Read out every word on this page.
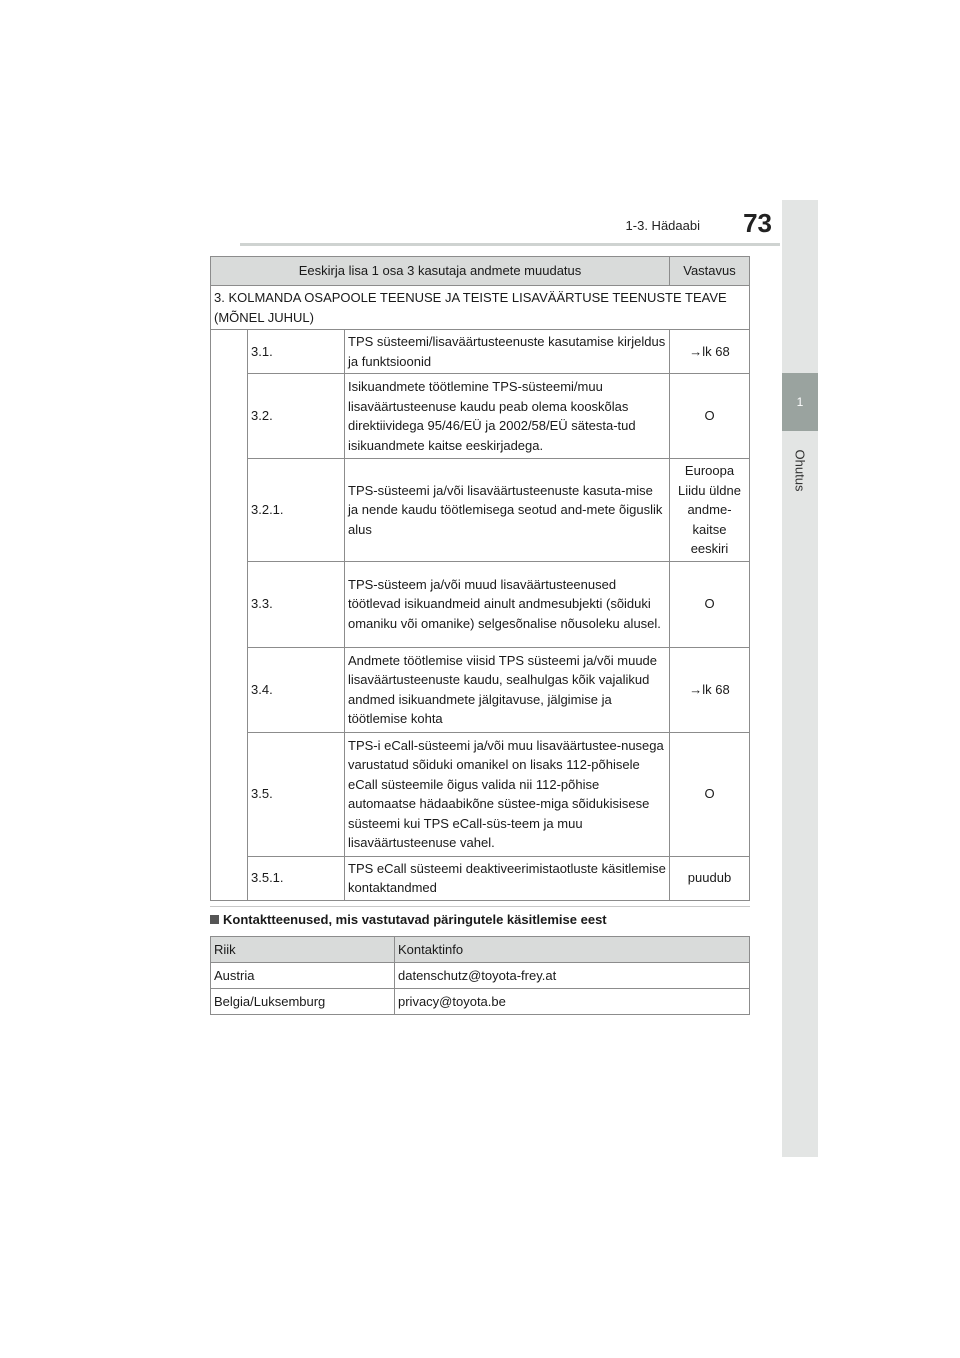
1
Ohutus
1-3. Hädaabi	73
Eeskirja lisa 1 osa 3 kasutaja andmete muudatus			Vastavus
3. KOLMANDA OSAPOOLE TEENUSE JA TEISTE LISAVÄÄRTUSE TEENUSTE TEAVE (MÕNEL JUHUL)			
	3.1.	TPS süsteemi/lisaväärtusteenuste kasutamise kirjeldus ja funktsioonid	→lk 68
	3.2.	Isikuandmete töötlemine TPS-süsteemi/muu lisaväärtusteenuse kaudu peab olema kooskõlas direktiividega 95/46/EÜ ja 2002/58/EÜ sätesta-tud isikuandmete kaitse eeskirjadega.	O
	3.2.1.	TPS-süsteemi ja/või lisaväärtusteenuste kasuta-mise ja nende kaudu töötlemisega seotud and-mete õiguslik alus	Euroopa Liidu üldne andme-kaitse eeskiri
	3.3.	TPS-süsteem ja/või muud lisaväärtusteenused töötlevad isikuandmeid ainult andmesubjekti (sõiduki omaniku või omanike) selgesõnalise nõusoleku alusel.	O
	3.4.	Andmete töötlemise viisid TPS süsteemi ja/või muude lisaväärtusteenuste kaudu, sealhulgas kõik vajalikud andmed isikuandmete jälgitavuse, jälgimise ja töötlemise kohta	→lk 68
	3.5.	TPS-i eCall-süsteemi ja/või muu lisaväärtustee-nusega varustatud sõiduki omanikel on lisaks 112-põhisele eCall süsteemile õigus valida nii 112-põhise automaatse hädaabikõne süstee-miga sõidukisisese süsteemi kui TPS eCall-süs-teem ja muu lisaväärtusteenuse vahel.	O
	3.5.1.	TPS eCall süsteemi deaktiveerimistaotluste käsitlemise kontaktandmed	puudub
Kontaktteenused, mis vastutavad päringutele käsitlemise eest
Riik	Kontaktinfo
Austria	datenschutz@toyota-frey.at
Belgia/Luksemburg	privacy@toyota.be
